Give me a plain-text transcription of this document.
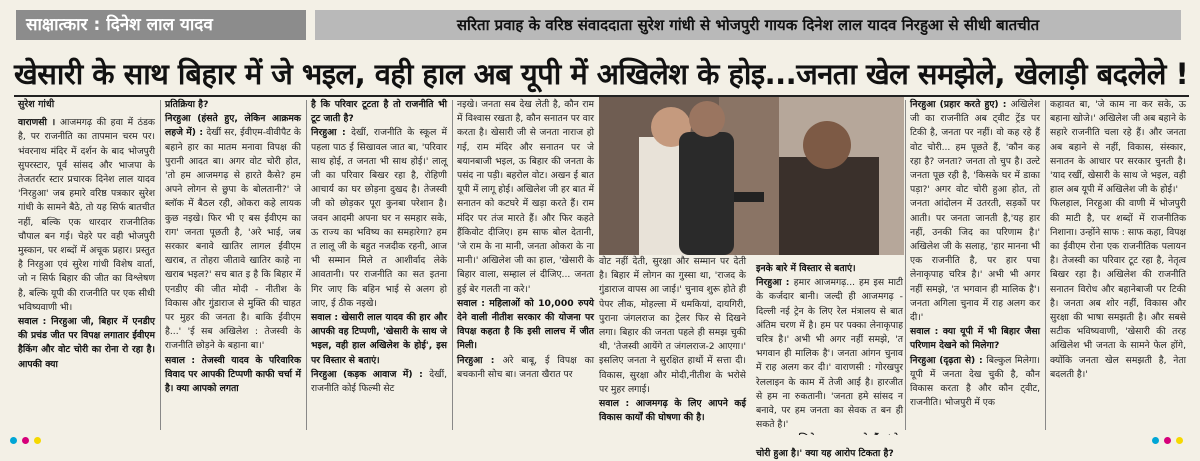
साक्षात्कार : दिनेश लाल यादव	सरिता प्रवाह के वरिष्ठ संवाददाता सुरेश गांधी से भोजपुरी गायक दिनेश लाल यादव निरहुआ से सीधी बातचीत
खेसारी के साथ बिहार में जे भइल, वही हाल अब यूपी में अखिलेश के होइ...जनता खेल समझेले, खेलाड़ी बदलेले !

सुरेश गांधी

वाराणसी । आजमगढ़ की हवा में ठंडक है, पर राजनीति का तापमान चरम पर। भंवरनाथ मंदिर में दर्शन के बाद भोजपुरी सुपरस्टार, पूर्व सांसद और भाजपा के तेजतर्रार स्टार प्रचारक दिनेश लाल यादव 'निरहुआ' जब हमारे वरिष्ठ पत्रकार सुरेश गांधी के सामने बैठे, तो यह सिर्फ बातचीत नहीं, बल्कि एक धारदार राजनीतिक चौपाल बन गई। चेहरे पर वही भोजपुरी मुस्कान, पर शब्दों में अचूक प्रहार। प्रस्तुत है निरहुआ एवं सुरेश गांधी विशेष वार्ता, जो न सिर्फ बिहार की जीत का विश्लेषण है, बल्कि यूपी की राजनीति पर एक सीधी भविष्यवाणी भी।

सवाल : निरहुआ जी, बिहार में एनडीए की प्रचंड जीत पर विपक्ष लगातार ईवीएम हैकिंग और वोट चोरी का रोना रो रहा है। आपकी क्या

प्रतिक्रिया है?

निरहुआ (हंसते हुए, लेकिन आक्रमक लहजे में) : देखीं सर, ईवीएम-वीवीपैट के बहाने हार का मातम मनावा विपक्ष की पुरानी आदत बा। अगर वोट चोरी होत, 'तो हम आजमगढ़ से हारते कैसे? हम अपने लोगन से छुपा के बोलतानी?' जे ब्लॉक में बैठल रही, ओकरा कहे लायक कुछ नइखे। फिर भी ए बस ईवीएम का राग' जनता पूछती है, 'अरे भाई, जब सरकार बनावे खातिर लागल ईवीएम खराब, त तोहरा जीतावे खातिर काहे ना खराब भइल?' सच बात इ है कि बिहार में एनडीए की जीत मोदी - नीतीश के विकास और गुंडाराज से मुक्ति की चाहत पर मुहर की जनता है। बाकि ईवीएम है...' 'ई सब अखिलेश : तेजस्वी के राजनीति छोड़ने के बहाना बा।'

सवाल : तेजस्वी यादव के परिवारिक विवाद पर आपकी टिप्पणी काफी चर्चा में है। क्या आपको लगता

है कि परिवार टूटता है तो राजनीति भी टूट जाती है?

निरहुआ : देखीं, राजनीति के स्कूल में पहला पाठ ई सिखावल जात बा, 'परिवार साथ होई, त जनता भी साथ होई।' लालू जी का परिवार बिखर रहा है, रोहिणी आचार्य का घर छोड़ना दुखद है। तेजस्वी जी को छोड़कर पूरा कुनबा परेशान है। जवन आदमी अपना घर न समहार सके, ऊ राज्य का भविष्य का समहारेगा? हम त लालू जी के बहुत नजदीक रहनी, आज भी सम्मान मिले त आशीर्वाद लेके आवतानी। पर राजनीति का सत इतना गिर जाए कि बहिन भाई से अलग हो जाए, ई ठीक नइखे।

सवाल : खेसारी लाल यादव की हार और आपकी वह टिप्पणी, 'खेसारी के साथ जे भइल, वही हाल अखिलेश के होई', इस पर विस्तार से बताएं।

निरहुआ (कड़क आवाज में) : देखीं, राजनीति कोई फिल्मी सेट

नइखे। जनता सब देख लेती है, कौन राम में विश्वास रखता है, कौन सनातन पर वार करता है। खेसारी जी से जनता नाराज हो गई, राम मंदिर और सनातन पर जे बयानबाजी भइल, ऊ बिहार की जनता के पसंद ना पड़ी। बहरोल वोट। अखन ई बात यूपी में लागू होई। अखिलेश जी हर बात में सनातन को कटघरे में खड़ा करते हैं। राम मंदिर पर तंज मारते हैं। और फिर कहते हैंकिवोट दीजिए। हम साफ बोल देतानी, 'जे राम के ना मानी, जनता ओकरा के ना मानी।' अखिलेश जी का हाल, 'खेसारी के बिहार वाला, सम्हाल लं दीजिए... जनता हुई बेर गलती ना करे।'

सवाल : महिलाओं को 10,000 रुपये देने वाली नीतीश सरकार की योजना पर विपक्ष कहता है कि इसी लालच में जीत मिली।

निरहुआ : अरे बाबू, ई विपक्ष का बचकानी सोच बा। जनता खैरात पर

वोट नहीं देती, सुरक्षा और सम्मान पर देती है। बिहार में लोगन का गुस्सा था, 'राजद के गुंडाराज वापस आ जाई।' चुनाव शुरू होते ही पेपर लीक, मोहल्ला में धमकियां, दायगिरी, पुराना जंगलराज का ट्रेलर फिर से दिखने लगा। बिहार की जनता पहले ही समझ चुकी थी, 'तेजस्वी आयेंगे त जंगलराज-2 आएगा।' इसलिए जनता ने सुरक्षित हाथों में सत्ता दी। विकास, सुरक्षा और मोदी,नीतीश के भरोसे पर मुहर लगाई।

सवाल : आजमगढ़ के लिए आपने कई विकास कार्यों की घोषणा की है।

इनके बारे में विस्तार से बताएं।

निरहुआ : हमार आजमगढ़... हम इस माटी के कर्जदार बानी। जल्दी ही आजमगढ़ - दिल्ली नई ट्रेन के लिए रेल मंत्रालय से बात अंतिम चरण में है। हम पर पक्का लेनाकृपाह चरित्र है।' अभी भी अगर नहीं समझे, 'त भगवान ही मालिक है'। जनता आंगन चुनाव में राह अलग कर दी।' वाराणसी : गोरखपुर रेललाइन के काम में तेजी आई है। हारजीत से हम ना रुकतानी। 'जनता हमे सांसद न बनावे, पर हम जनता का सेवक त बन ही सकते है।'

चोरी हुआ है।' क्या यह आरोप टिकता है?

निरहुआ (प्रहार करते हुए) : अखिलेश जी का राजनीति अब ट्वीट ट्रेंड पर टिकी है, जनता पर नहीं। वो कह रहे हैं वोट चोरी... हम पूछते हैं, 'कौन कह रहा है? जनता? जनता तो चुप है। उल्टे जनता पूछ रही है, 'किसके घर में डाका पड़ा?' अगर वोट चोरी हुआ होत, तो जनता आंदोलन में उतरती, सड़कों पर आती। पर जनता जानती है,'यह हार नहीं, उनकी जिद का परिणाम है।' अखिलेश जी के सलाह, 'हार मानना भी एक राजनीति है, पर हार पचा लेनाकृपाह चरित्र है।' अभी भी अगर नहीं समझे, 'त भगवान ही मालिक है'। जनता अगिला चुनाव में राह अलग कर दी।'

सवाल : क्या यूपी में भी बिहार जैसा परिणाम देखने को मिलेगा?

निरहुआ (दृढ़ता से) : बिल्कुल मिलेगा। यूपी में जनता देख चुकी है, कौन विकास करता है और कौन ट्वीट, राजनीति। भोजपुरी में एक

कहावत बा, 'जे काम ना कर सके, ऊ बहाना खोजे।' अखिलेश जी अब बहाने के सहारे राजनीति चला रहे हैं। और जनता अब बहाने से नहीं, विकास, संस्कार, सनातन के आधार पर सरकार चुनती है। 'याद रखीं, खेसारी के साथ जे भइल, वही हाल अब यूपी में अखिलेश जी के होई।'

फिलहाल, निरहुआ की वाणी में भोजपुरी की माटी है, पर शब्दों में राजनीतिक निशाना। उन्होंने साफ : साफ कहा, विपक्ष का ईवीएम रोना एक राजनीतिक पलायन है। तेजस्वी का परिवार टूट रहा है, नेतृत्व बिखर रहा है। अखिलेश की राजनीति सनातन विरोध और बहानेबाजी पर टिकी है। जनता अब शोर नहीं, विकास और सुरक्षा की भाषा समझती है। और सबसे सटीक भविष्यवाणी, 'खेसारी की तरह अखिलेश भी जनता के सामने फेल होंगे, क्योंकि जनता खेल समझती है, नेता बदलती है।'
